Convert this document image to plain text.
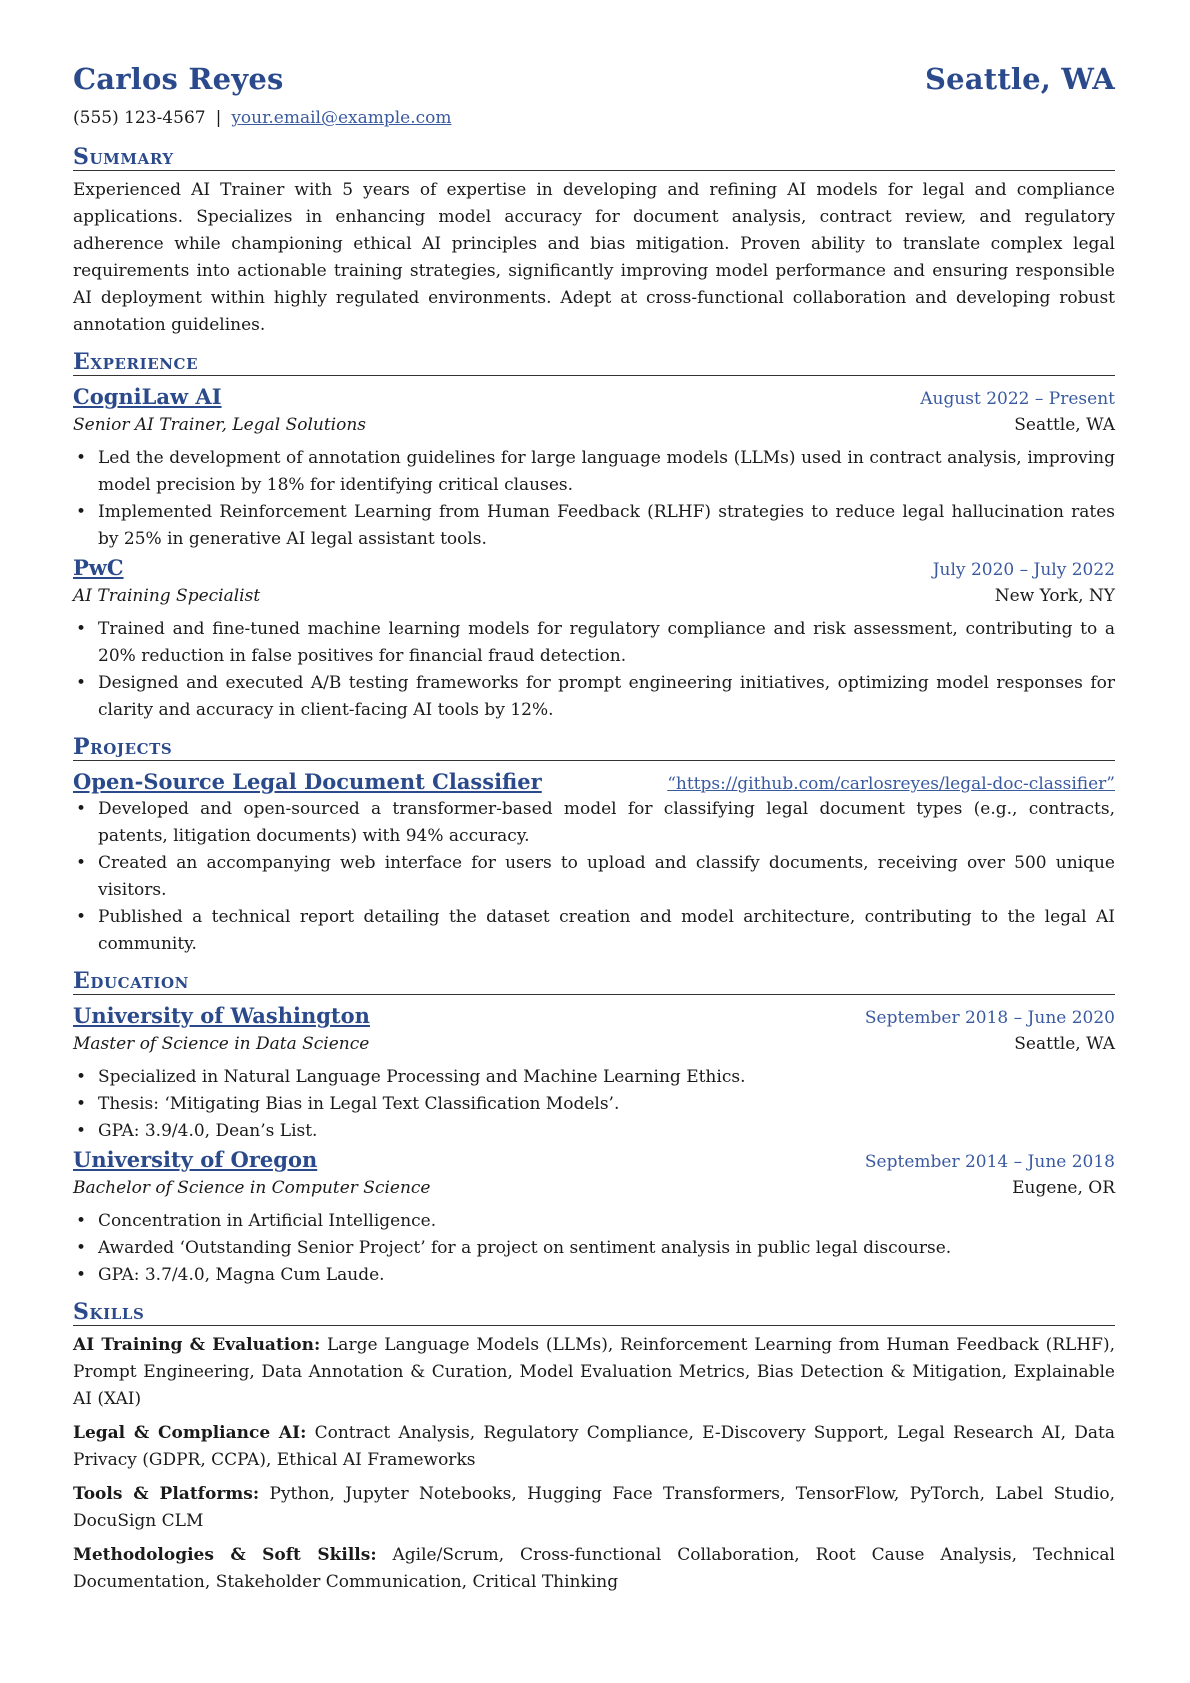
Carlos Reyes	Seattle, WA
(555) 123-4567 | your.email@example.com
Summary
Experienced AI Trainer with 5 years of expertise in developing and refining AI models for legal and compliance applications. Specializes in enhancing model accuracy for document analysis, contract review, and regulatory adherence while championing ethical AI principles and bias mitigation. Proven ability to translate complex legal requirements into actionable training strategies, significantly improving model performance and ensuring responsible AI deployment within highly regulated environments. Adept at cross-functional collaboration and developing robust annotation guidelines.
Experience
CogniLaw AI	August 2022 – Present
Senior AI Trainer, Legal Solutions	Seattle, WA
• Led the development of annotation guidelines for large language models (LLMs) used in contract analysis, improving model precision by 18% for identifying critical clauses.
• Implemented Reinforcement Learning from Human Feedback (RLHF) strategies to reduce legal hallucination rates by 25% in generative AI legal assistant tools.
PwC	July 2020 – July 2022
AI Training Specialist	New York, NY
• Trained and fine-tuned machine learning models for regulatory compliance and risk assessment, contributing to a 20% reduction in false positives for financial fraud detection.
• Designed and executed A/B testing frameworks for prompt engineering initiatives, optimizing model responses for clarity and accuracy in client-facing AI tools by 12%.
Projects
Open-Source Legal Document Classifier	“https://github.com/carlosreyes/legal-doc-classifier”
• Developed and open-sourced a transformer-based model for classifying legal document types (e.g., contracts, patents, litigation documents) with 94% accuracy.
• Created an accompanying web interface for users to upload and classify documents, receiving over 500 unique visitors.
• Published a technical report detailing the dataset creation and model architecture, contributing to the legal AI community.
Education
University of Washington	September 2018 – June 2020
Master of Science in Data Science	Seattle, WA
• Specialized in Natural Language Processing and Machine Learning Ethics.
• Thesis: ‘Mitigating Bias in Legal Text Classification Models’.
• GPA: 3.9/4.0, Dean’s List.
University of Oregon	September 2014 – June 2018
Bachelor of Science in Computer Science	Eugene, OR
• Concentration in Artificial Intelligence.
• Awarded ‘Outstanding Senior Project’ for a project on sentiment analysis in public legal discourse.
• GPA: 3.7/4.0, Magna Cum Laude.
Skills
AI Training & Evaluation: Large Language Models (LLMs), Reinforcement Learning from Human Feedback (RLHF), Prompt Engineering, Data Annotation & Curation, Model Evaluation Metrics, Bias Detection & Mitigation, Explainable AI (XAI)
Legal & Compliance AI: Contract Analysis, Regulatory Compliance, E-Discovery Support, Legal Research AI, Data Privacy (GDPR, CCPA), Ethical AI Frameworks
Tools & Platforms: Python, Jupyter Notebooks, Hugging Face Transformers, TensorFlow, PyTorch, Label Studio, DocuSign CLM
Methodologies & Soft Skills: Agile/Scrum, Cross-functional Collaboration, Root Cause Analysis, Technical Documentation, Stakeholder Communication, Critical Thinking
